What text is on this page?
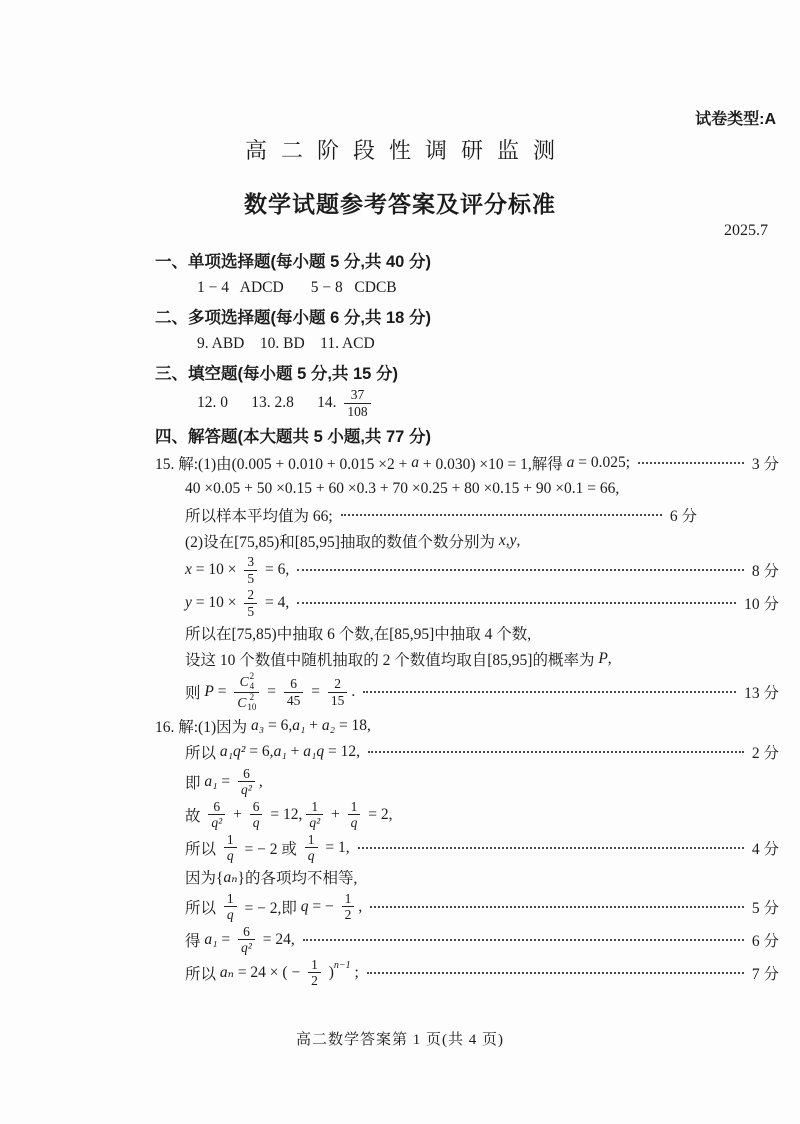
试卷类型:A
高二阶段性调研监测
数学试题参考答案及评分标准
2025.7
一、单项选择题(每小题 5 分,共 40 分)
1 − 4   ADCD       5 − 8   CDCB
二、多项选择题(每小题 6 分,共 18 分)
9. ABD    10. BD    11. ACD
三、填空题(每小题 5 分,共 15 分)
12. 0      13. 2.8      14. $\frac{37}{108}$
四、解答题(本大题共 5 小题,共 77 分)
15. 解:(1)由(0.005 + 0.010 + 0.015 ×2 + a + 0.030) ×10 = 1,解得 a = 0.025;	3 分
40 ×0.05 + 50 ×0.15 + 60 ×0.3 + 70 ×0.25 + 80 ×0.15 + 90 ×0.1 = 66,
所以样本平均值为 66;	6 分
(2)设在[75,85)和[85,95]抽取的数值个数分别为 x,y ,
$x = 10 \times \frac{3}{5} = 6$,	8 分
$y = 10 \times \frac{2}{5} = 4$,	10 分
所以在[75,85)中抽取 6 个数,在[85,95]中抽取 4 个数,
设这 10 个数值中随机抽取的 2 个数值均取自[85,95]的概率为 P ,
则 P = C 2
4
C 2
$10 = \frac{6}{45} = \frac{2}{15}$ .	13 分
16. 解:(1)因为 a₃ = 6, a₁ + a₂ = 18,
所以 a₁q² = 6, a₁ + a₁q = 12,	2 分
即 $a_1 = \frac{6}{\text{q²}}$ ,
故 $\frac{6}{\text{q²}} + \frac{6}{q} = 12$, $\frac{1}{\text{q²}} + \frac{1}{q} = 2$,
所以 $\frac{1}{q}$ = − 2 或 $\frac{1}{q} = 1$,	4 分
因为{ aₙ }的各项均不相等,
所以 $\frac{1}{q}$ = − 2,即 q = − $\frac{1}{2}$ ,	5 分
得 $a_1 = \frac{6}{\text{q²}} = 24$,	6 分
所以 aₙ = 24 × ( − $\frac{1}{2} )^{n-1}$ ;	7 分
高二数学答案第 1 页(共 4 页)
